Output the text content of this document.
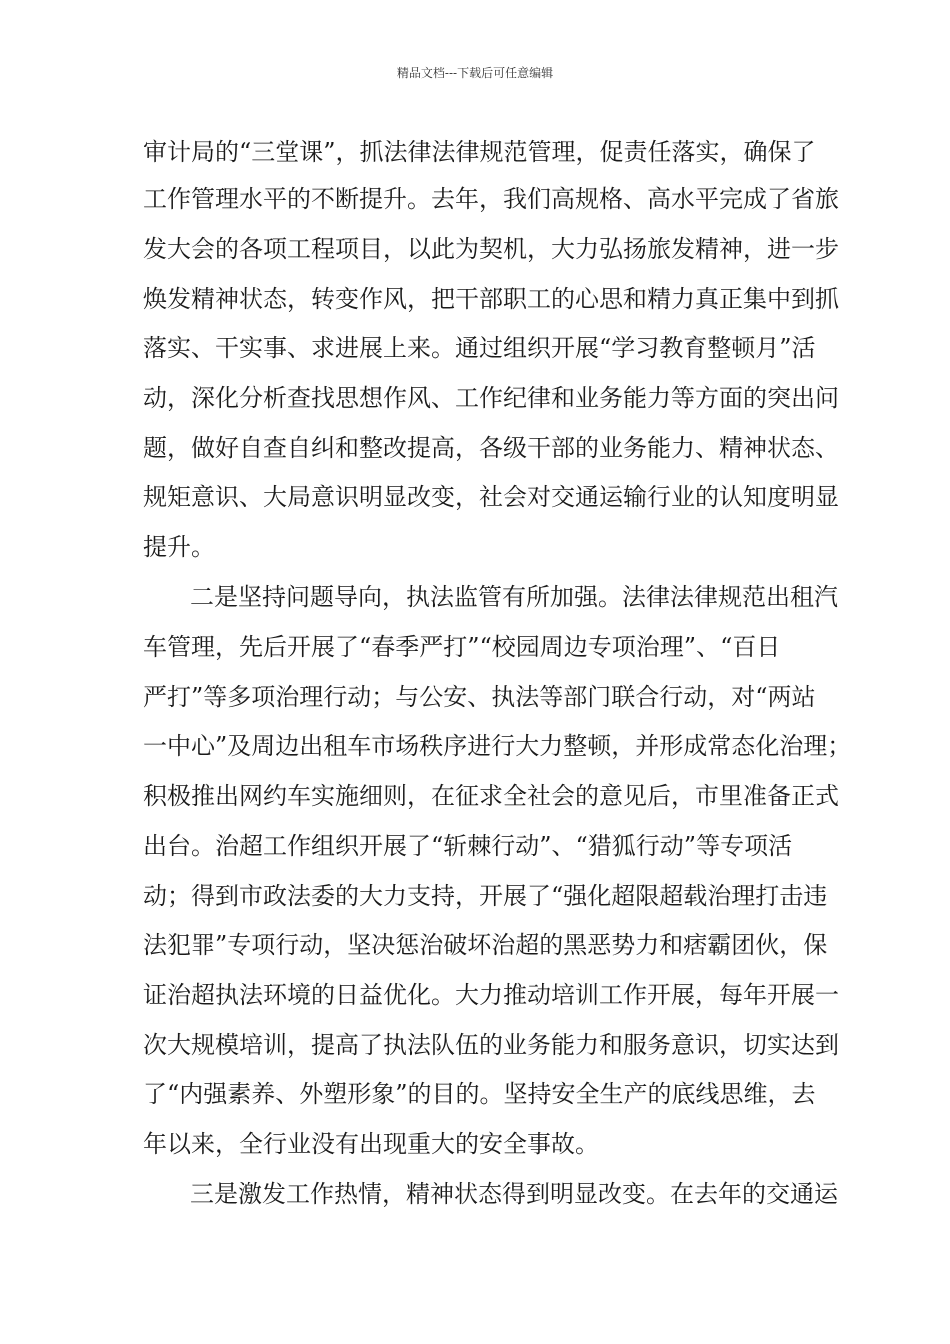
精品文档---下载后可任意编辑
审计局的“三堂课”，抓法律法律规范管理，促责任落实，确保了
工作管理水平的不断提升。去年，我们高规格、高水平完成了省旅
发大会的各项工程项目，以此为契机，大力弘扬旅发精神，进一步
焕发精神状态，转变作风，把干部职工的心思和精力真正集中到抓
落实、干实事、求进展上来。通过组织开展“学习教育整顿月”活
动，深化分析查找思想作风、工作纪律和业务能力等方面的突出问
题，做好自查自纠和整改提高，各级干部的业务能力、精神状态、
规矩意识、大局意识明显改变，社会对交通运输行业的认知度明显
提升。
二是坚持问题导向，执法监管有所加强。法律法律规范出租汽
车管理，先后开展了“春季严打”“校园周边专项治理”、“百日
严打”等多项治理行动；与公安、执法等部门联合行动，对“两站
一中心”及周边出租车市场秩序进行大力整顿，并形成常态化治理；
积极推出网约车实施细则，在征求全社会的意见后，市里准备正式
出台。治超工作组织开展了“斩棘行动”、“猎狐行动”等专项活
动；得到市政法委的大力支持，开展了“强化超限超载治理打击违
法犯罪”专项行动，坚决惩治破坏治超的黑恶势力和痞霸团伙，保
证治超执法环境的日益优化。大力推动培训工作开展，每年开展一
次大规模培训，提高了执法队伍的业务能力和服务意识，切实达到
了“内强素养、外塑形象”的目的。坚持安全生产的底线思维，去
年以来，全行业没有出现重大的安全事故。
三是激发工作热情，精神状态得到明显改变。在去年的交通运
